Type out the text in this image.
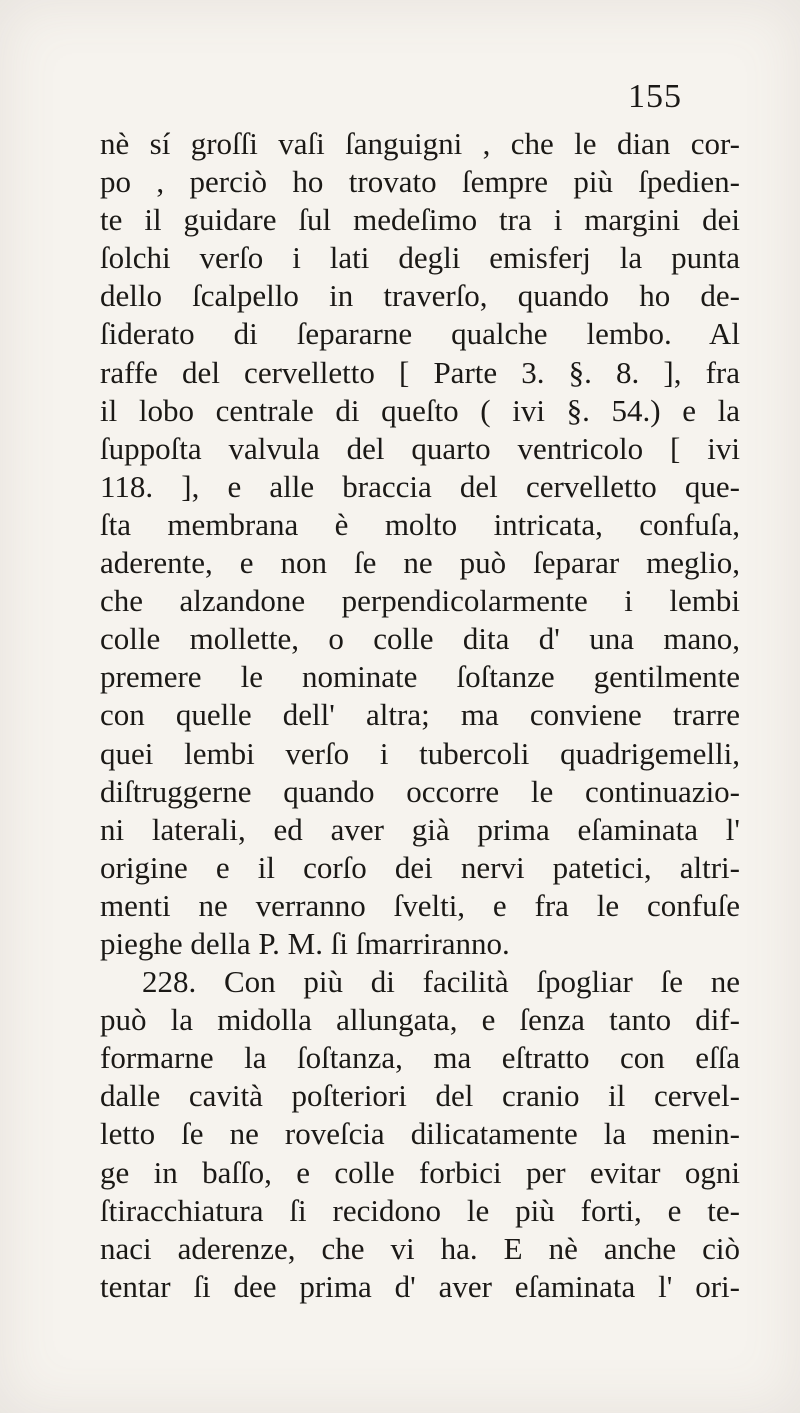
155
nè sí groſſi vaſi ſanguigni , che le dian cor-
po , perciò ho trovato ſempre più ſpedien-
te il guidare ſul medeſimo tra i margini dei
ſolchi verſo i lati degli emisferj la punta
dello ſcalpello in traverſo, quando ho de-
ſiderato di ſepararne qualche lembo. Al
raffe del cervelletto [ Parte 3. §. 8. ], fra
il lobo centrale di queſto ( ivi §. 54.) e la
ſuppoſta valvula del quarto ventricolo [ ivi
118. ], e alle braccia del cervelletto que-
ſta membrana è molto intricata, confuſa,
aderente, e non ſe ne può ſeparar meglio,
che alzandone perpendicolarmente i lembi
colle mollette, o colle dita d' una mano,
premere le nominate ſoſtanze gentilmente
con quelle dell' altra; ma conviene trarre
quei lembi verſo i tubercoli quadrigemelli,
diſtruggerne quando occorre le continuazio-
ni laterali, ed aver già prima eſaminata l'
origine e il corſo dei nervi patetici, altri-
menti ne verranno ſvelti, e fra le confuſe
pieghe della P. M. ſi ſmarriranno.
228. Con più di facilità ſpogliar ſe ne
può la midolla allungata, e ſenza tanto dif-
formarne la ſoſtanza, ma eſtratto con eſſa
dalle cavità poſteriori del cranio il cervel-
letto ſe ne roveſcia dilicatamente la menin-
ge in baſſo, e colle forbici per evitar ogni
ſtiracchiatura ſi recidono le più forti, e te-
naci aderenze, che vi ha. E nè anche ciò
tentar ſi dee prima d' aver eſaminata l' ori-
